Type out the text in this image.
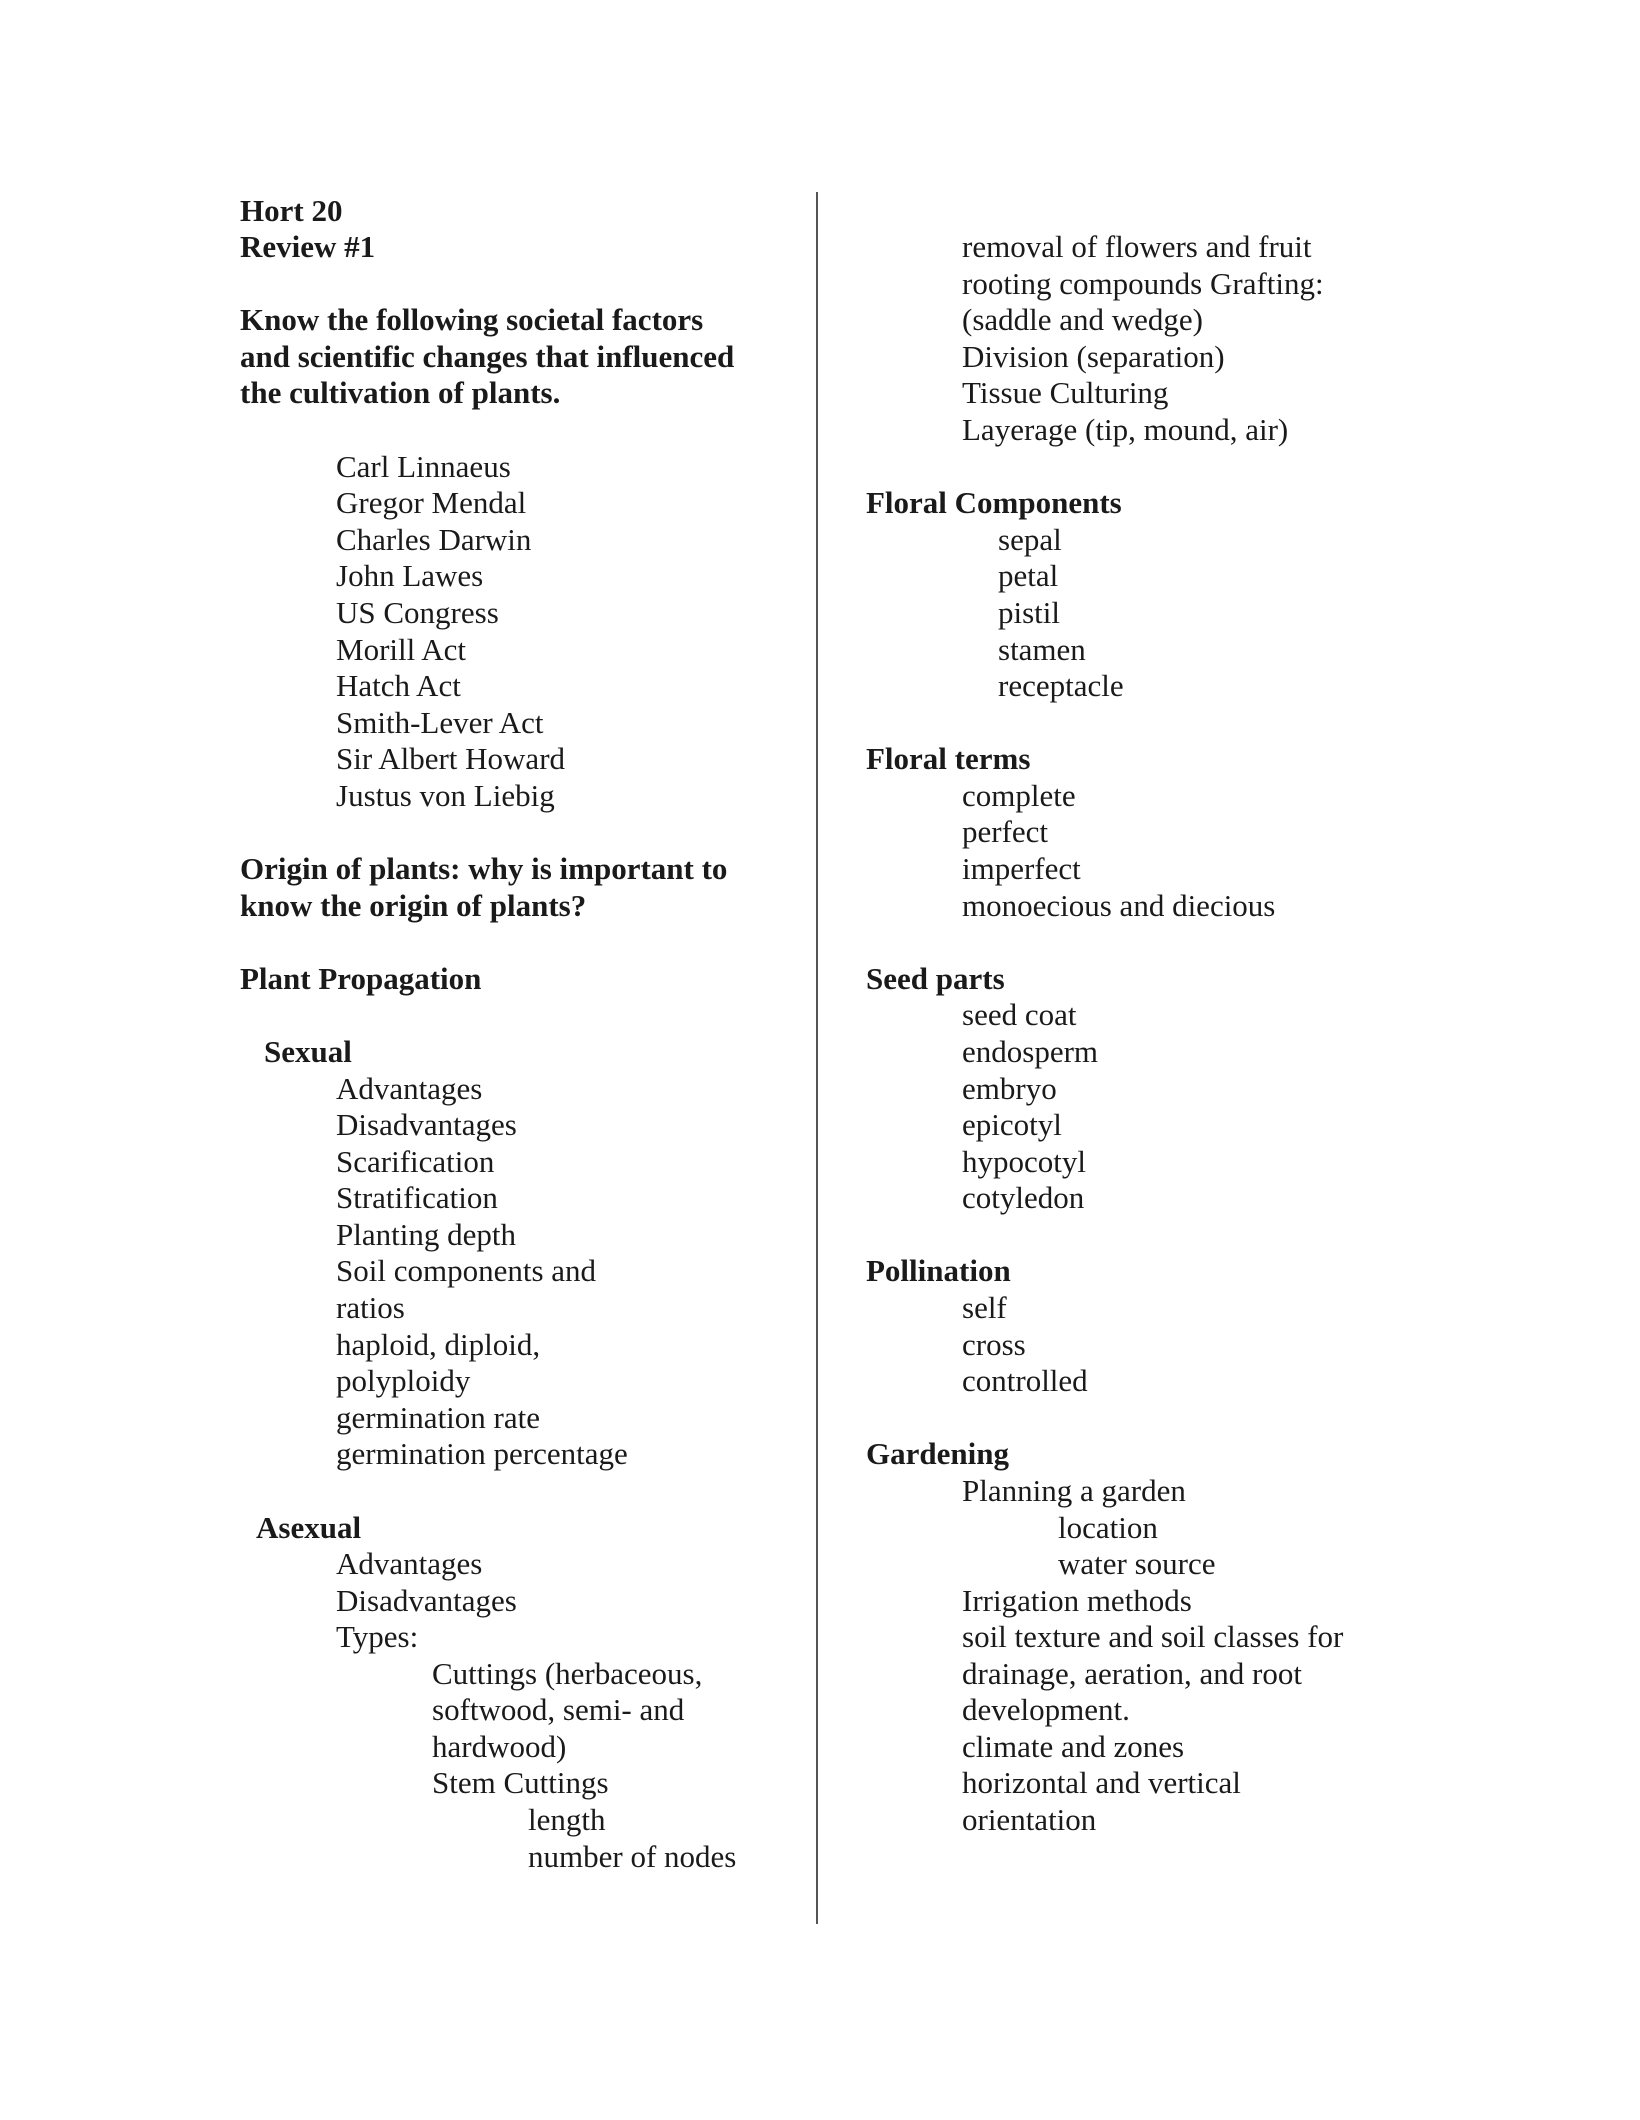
Hort 20
Review #1
Know the following societal factors
and scientific changes that influenced
the cultivation of plants.
Carl Linnaeus
Gregor Mendal
Charles Darwin
John Lawes
US Congress
Morill Act
Hatch Act
Smith-Lever Act
Sir Albert Howard
Justus von Liebig
Origin of plants: why is important to
know the origin of plants?
Plant Propagation
Sexual
Advantages
Disadvantages
Scarification
Stratification
Planting depth
Soil components and
ratios
haploid, diploid,
polyploidy
germination rate
germination percentage
Asexual
Advantages
Disadvantages
Types:
Cuttings (herbaceous,
softwood, semi- and
hardwood)
Stem Cuttings
length
number of nodes
removal of flowers and fruit
rooting compounds Grafting:
(saddle and wedge)
Division (separation)
Tissue Culturing
Layerage (tip, mound, air)
Floral Components
sepal
petal
pistil
stamen
receptacle
Floral terms
complete
perfect
imperfect
monoecious and diecious
Seed parts
seed coat
endosperm
embryo
epicotyl
hypocotyl
cotyledon
Pollination
self
cross
controlled
Gardening
Planning a garden
location
water source
Irrigation methods
soil texture and soil classes for
drainage, aeration, and root
development.
climate and zones
horizontal and vertical
orientation
